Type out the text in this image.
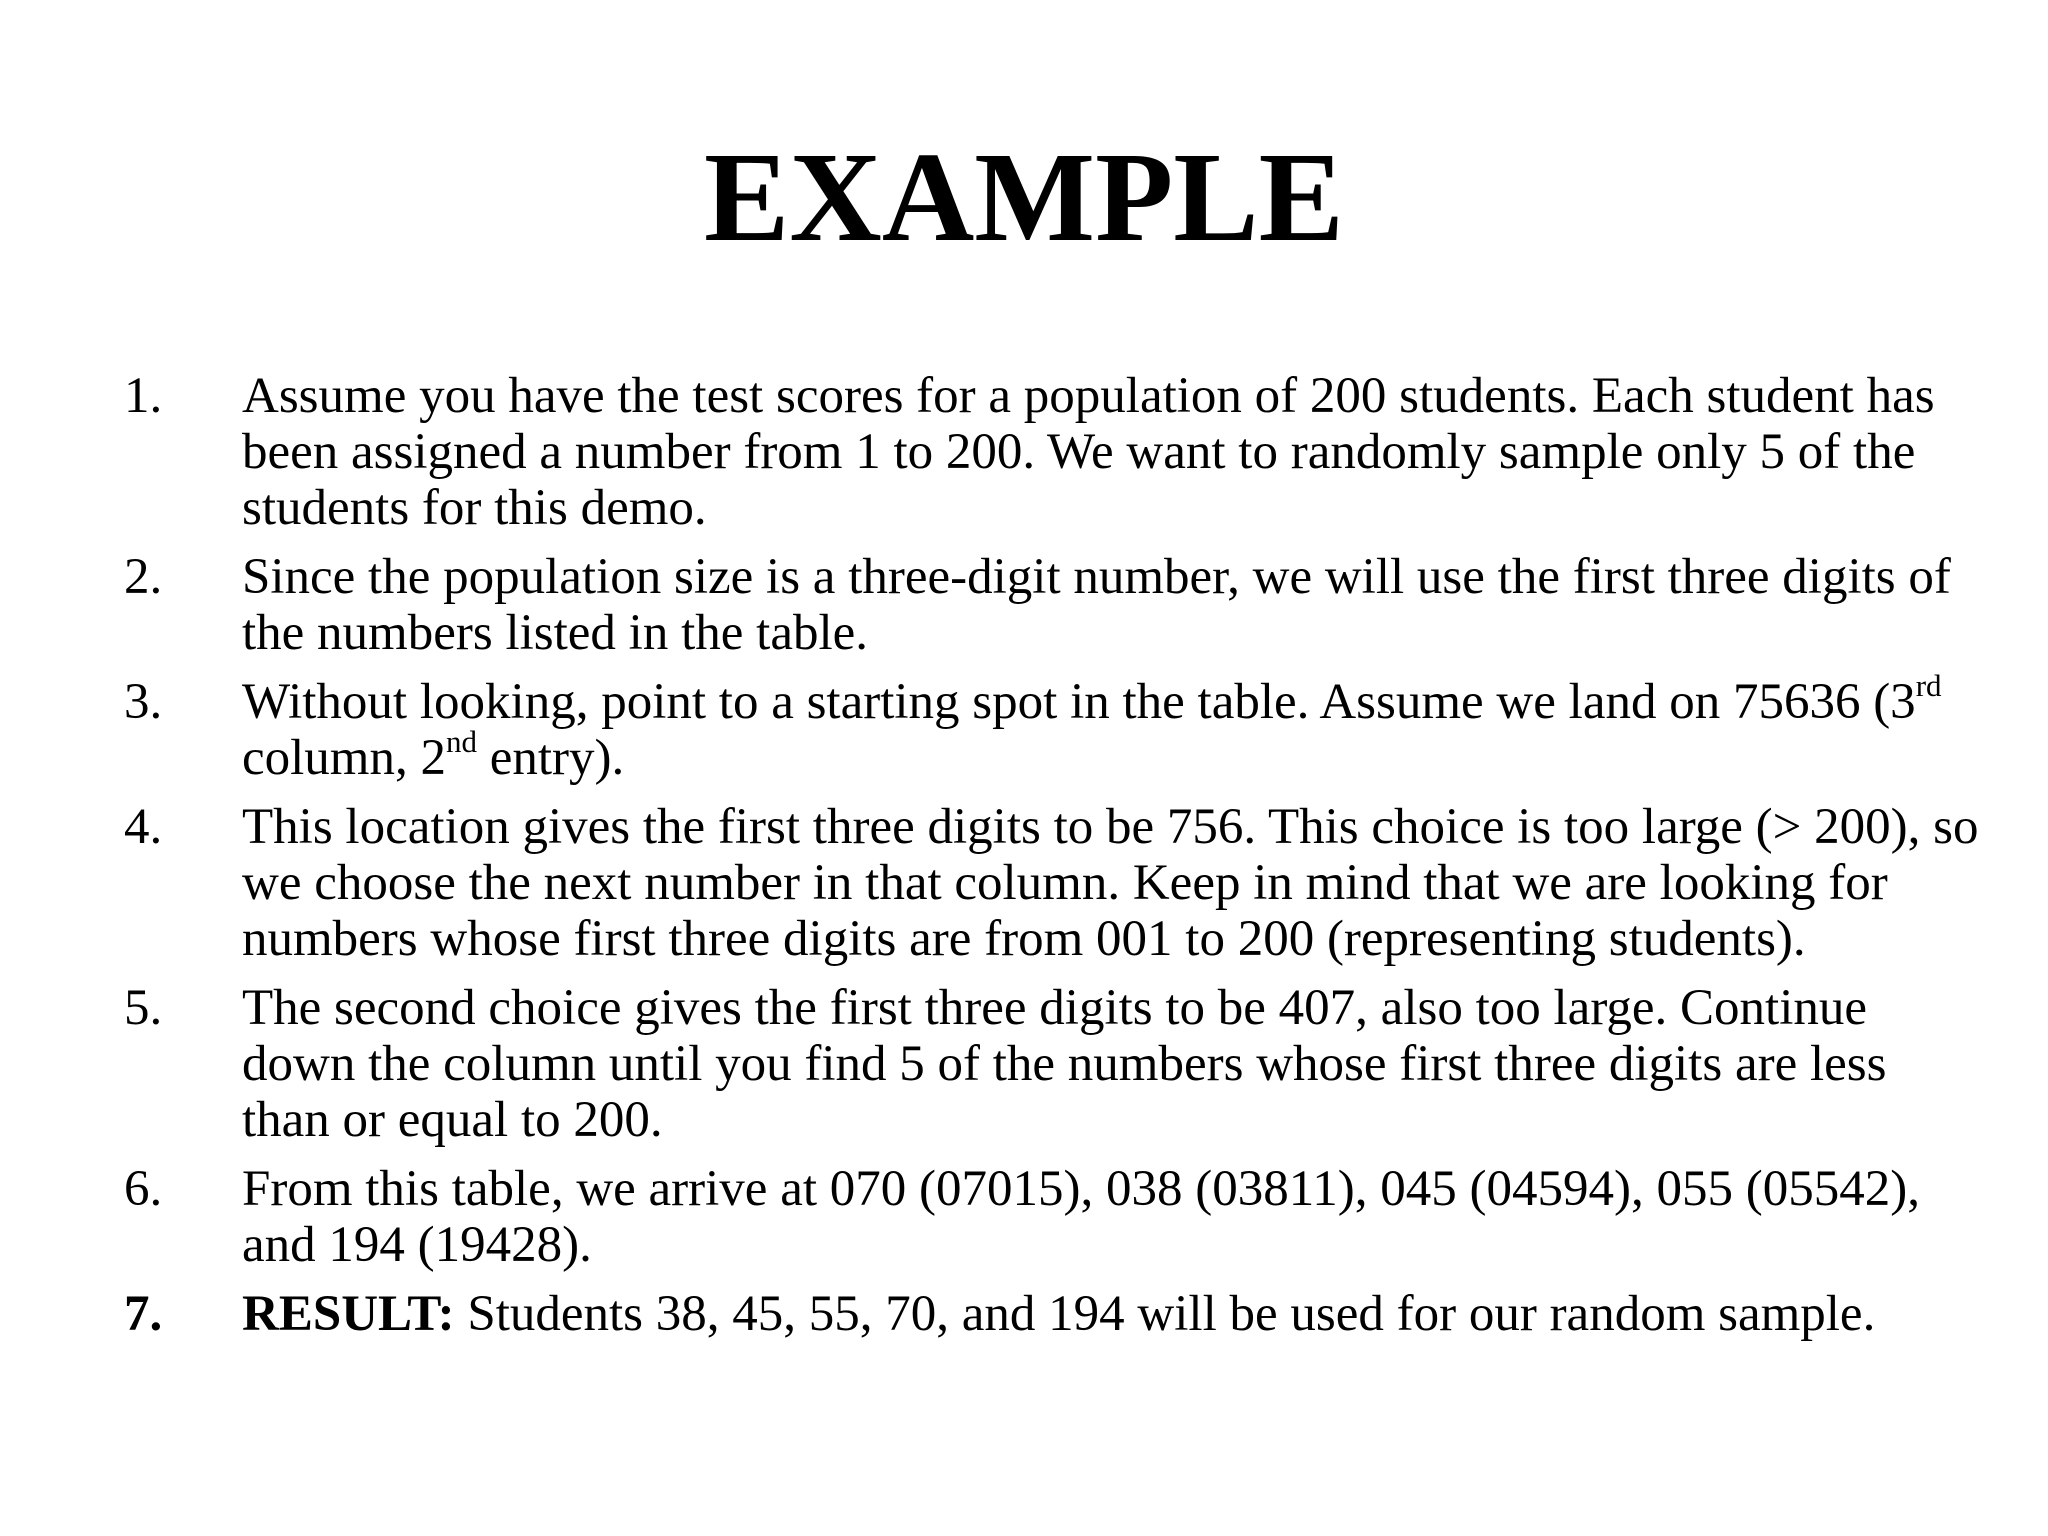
EXAMPLE
1. Assume you have the test scores for a population of 200 students. Each student has been assigned a number from 1 to 200. We want to randomly sample only 5 of the students for this demo.
2. Since the population size is a three-digit number, we will use the first three digits of the numbers listed in the table.
3. Without looking, point to a starting spot in the table. Assume we land on 75636 (3rd column, 2nd entry).
4. This location gives the first three digits to be 756. This choice is too large (> 200), so we choose the next number in that column. Keep in mind that we are looking for numbers whose first three digits are from 001 to 200 (representing students).
5. The second choice gives the first three digits to be 407, also too large. Continue down the column until you find 5 of the numbers whose first three digits are less than or equal to 200.
6. From this table, we arrive at 070 (07015), 038 (03811), 045 (04594), 055 (05542), and 194 (19428).
7. RESULT: Students 38, 45, 55, 70, and 194 will be used for our random sample.
